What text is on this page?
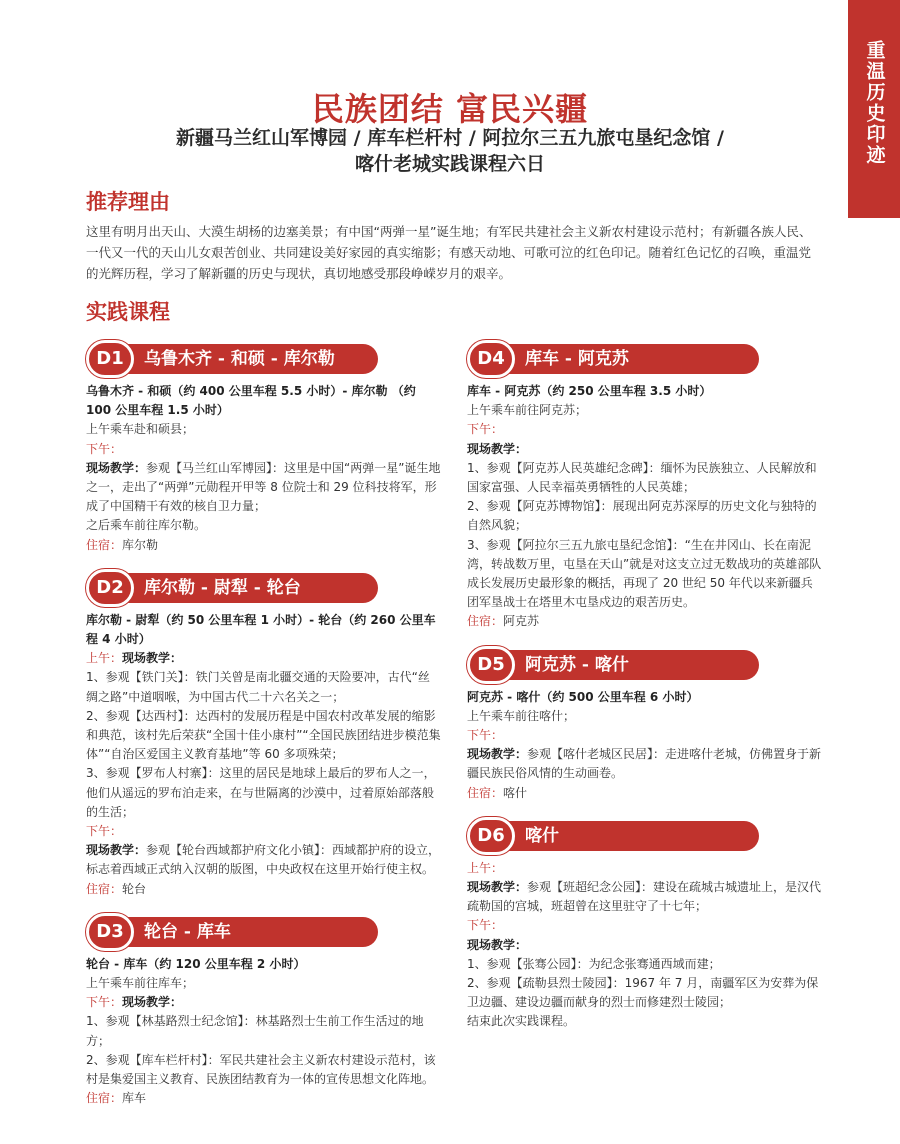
重温历史印迹
民族团结 富民兴疆
新疆马兰红山军博园 / 库车栏杆村 / 阿拉尔三五九旅屯垦纪念馆 /
喀什老城实践课程六日
推荐理由
这里有明月出天山、大漠生胡杨的边塞美景；有中国“两弹一星”诞生地；有军民共建社会主义新农村建设示范村；有新疆各族人民、一代又一代的天山儿女艰苦创业、共同建设美好家园的真实缩影；有感天动地、可歌可泣的红色印记。随着红色记忆的召唤，重温党的光辉历程，学习了解新疆的历史与现状，真切地感受那段峥嵘岁月的艰辛。
实践课程
乌鲁木齐 - 和硕 - 库尔勒
D1
乌鲁木齐 - 和硕（约 400 公里车程 5.5 小时）- 库尔勒 （约 100 公里车程 1.5 小时）
上午乘车赴和硕县；
下午：
现场教学：参观【马兰红山军博园】：这里是中国“两弹一星”诞生地之一，走出了“两弹”元勋程开甲等 8 位院士和 29 位科技将军，形成了中国精干有效的核自卫力量；
之后乘车前往库尔勒。
住宿：库尔勒
库尔勒 - 尉犁 - 轮台
D2
库尔勒 - 尉犁（约 50 公里车程 1 小时）- 轮台（约 260 公里车程 4 小时）
上午：现场教学：
1、参观【铁门关】：铁门关曾是南北疆交通的天险要冲，古代“丝绸之路”中道咽喉，为中国古代二十六名关之一；
2、参观【达西村】：达西村的发展历程是中国农村改革发展的缩影和典范，该村先后荣获“全国十佳小康村”“全国民族团结进步模范集体”“自治区爱国主义教育基地”等 60 多项殊荣；
3、参观【罗布人村寨】：这里的居民是地球上最后的罗布人之一，他们从遥远的罗布泊走来，在与世隔离的沙漠中，过着原始部落般的生活；
下午：
现场教学：参观【轮台西域都护府文化小镇】：西域都护府的设立，标志着西域正式纳入汉朝的版图，中央政权在这里开始行使主权。
住宿：轮台
轮台 - 库车
D3
轮台 - 库车（约 120 公里车程 2 小时）
上午乘车前往库车；
下午：现场教学：
1、参观【林基路烈士纪念馆】：林基路烈士生前工作生活过的地方；
2、参观【库车栏杆村】：军民共建社会主义新农村建设示范村，该村是集爱国主义教育、民族团结教育为一体的宣传思想文化阵地。
住宿：库车
库车 - 阿克苏
D4
库车 - 阿克苏（约 250 公里车程 3.5 小时）
上午乘车前往阿克苏；
下午：
现场教学：
1、参观【阿克苏人民英雄纪念碑】：缅怀为民族独立、人民解放和国家富强、人民幸福英勇牺牲的人民英雄；
2、参观【阿克苏博物馆】：展现出阿克苏深厚的历史文化与独特的自然风貌；
3、参观【阿拉尔三五九旅屯垦纪念馆】：“生在井冈山、长在南泥湾，转战数万里，屯垦在天山”就是对这支立过无数战功的英雄部队成长发展历史最形象的概括，再现了 20 世纪 50 年代以来新疆兵团军垦战士在塔里木屯垦戍边的艰苦历史。
住宿：阿克苏
阿克苏 - 喀什
D5
阿克苏 - 喀什（约 500 公里车程 6 小时）
上午乘车前往喀什；
下午：
现场教学：参观【喀什老城区民居】：走进喀什老城，仿佛置身于新疆民族民俗风情的生动画卷。
住宿：喀什
喀什
D6
上午：
现场教学：参观【班超纪念公园】：建设在疏城古城遗址上，是汉代疏勒国的宫城，班超曾在这里驻守了十七年；
下午：
现场教学：
1、参观【张骞公园】：为纪念张骞通西域而建；
2、参观【疏勒县烈士陵园】：1967 年 7 月，南疆军区为安葬为保卫边疆、建设边疆而献身的烈士而修建烈士陵园；
结束此次实践课程。
